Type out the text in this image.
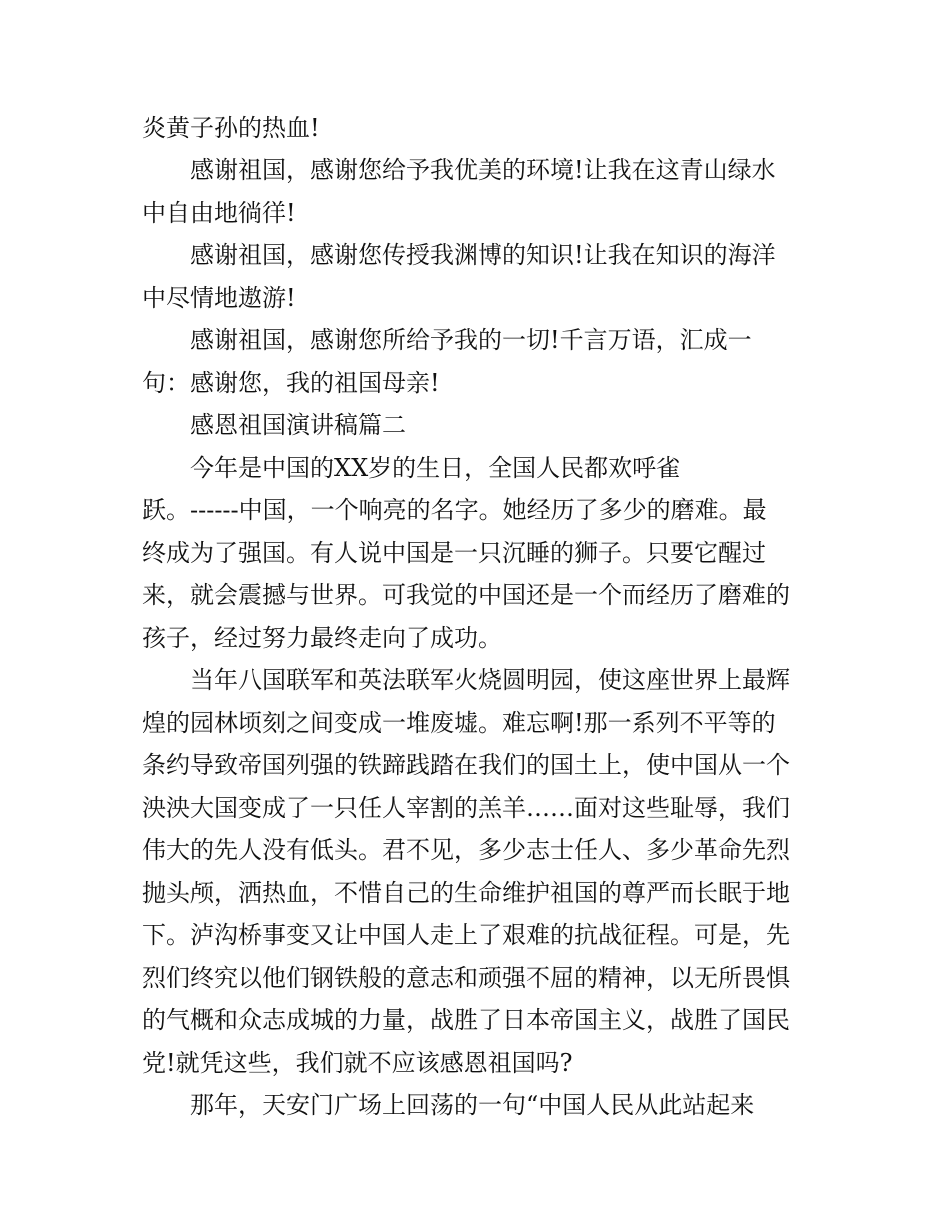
炎黄子孙的热血!
感谢祖国，感谢您给予我优美的环境!让我在这青山绿水
中自由地徜徉!
感谢祖国，感谢您传授我渊博的知识!让我在知识的海洋
中尽情地遨游!
感谢祖国，感谢您所给予我的一切!千言万语，汇成一
句：感谢您，我的祖国母亲!
感恩祖国演讲稿篇二
今年是中国的XX岁的生日，全国人民都欢呼雀
跃。------中国，一个响亮的名字。她经历了多少的磨难。最
终成为了强国。有人说中国是一只沉睡的狮子。只要它醒过
来，就会震撼与世界。可我觉的中国还是一个而经历了磨难的
孩子，经过努力最终走向了成功。
当年八国联军和英法联军火烧圆明园，使这座世界上最辉
煌的园林顷刻之间变成一堆废墟。难忘啊!那一系列不平等的
条约导致帝国列强的铁蹄践踏在我们的国土上，使中国从一个
泱泱大国变成了一只任人宰割的羔羊……面对这些耻辱，我们
伟大的先人没有低头。君不见，多少志士任人、多少革命先烈
抛头颅，洒热血，不惜自己的生命维护祖国的尊严而长眠于地
下。泸沟桥事变又让中国人走上了艰难的抗战征程。可是，先
烈们终究以他们钢铁般的意志和顽强不屈的精神，以无所畏惧
的气概和众志成城的力量，战胜了日本帝国主义，战胜了国民
党!就凭这些，我们就不应该感恩祖国吗?
那年，天安门广场上回荡的一句“中国人民从此站起来
